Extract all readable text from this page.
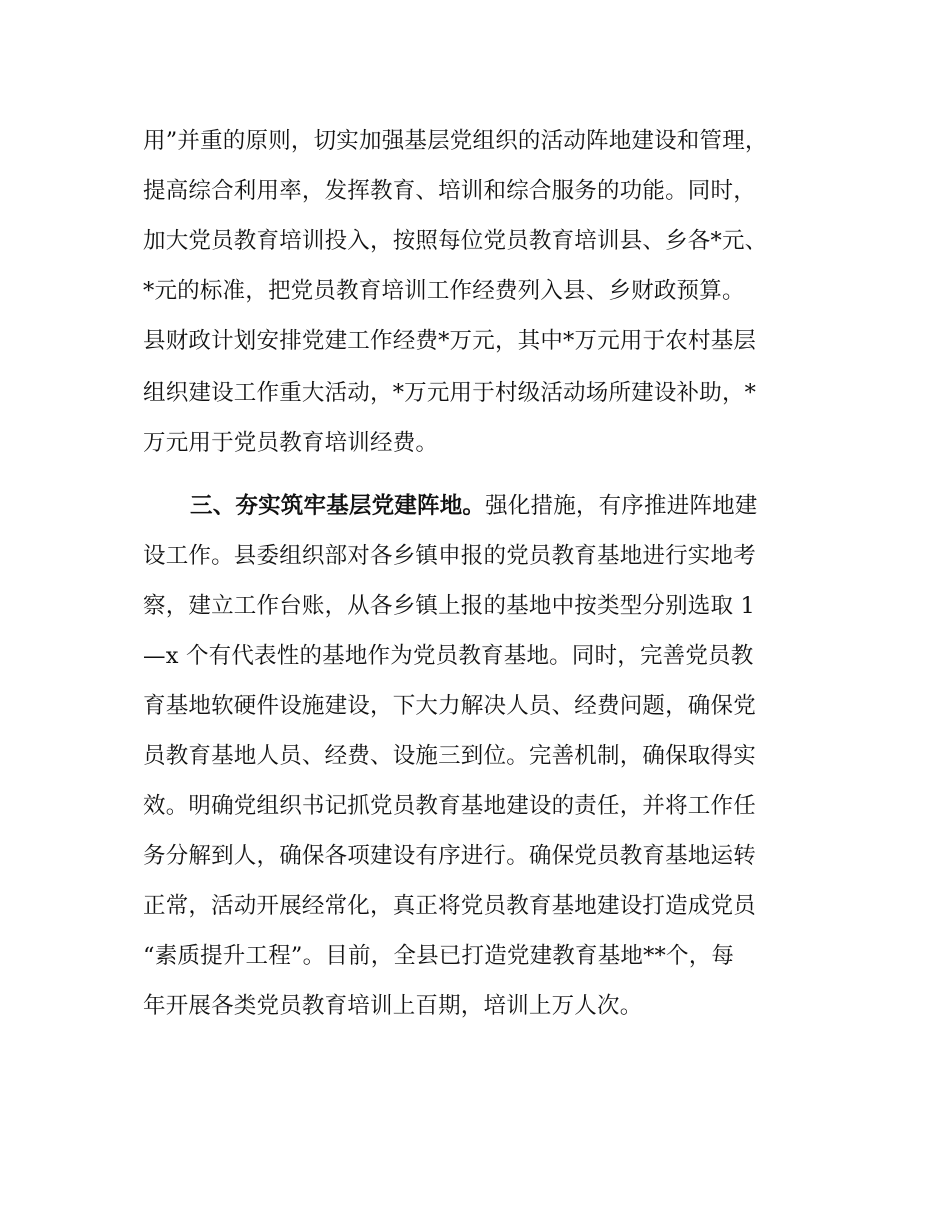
用”并重的原则，切实加强基层党组织的活动阵地建设和管理，
提高综合利用率，发挥教育、培训和综合服务的功能。同时，
加大党员教育培训投入，按照每位党员教育培训县、乡各*元、
*元的标准，把党员教育培训工作经费列入县、乡财政预算。
县财政计划安排党建工作经费*万元，其中*万元用于农村基层
组织建设工作重大活动，*万元用于村级活动场所建设补助，*
万元用于党员教育培训经费。
三、夯实筑牢基层党建阵地。强化措施，有序推进阵地建
设工作。县委组织部对各乡镇申报的党员教育基地进行实地考
察，建立工作台账，从各乡镇上报的基地中按类型分别选取 1
—x 个有代表性的基地作为党员教育基地。同时，完善党员教
育基地软硬件设施建设，下大力解决人员、经费问题，确保党
员教育基地人员、经费、设施三到位。完善机制，确保取得实
效。明确党组织书记抓党员教育基地建设的责任，并将工作任
务分解到人，确保各项建设有序进行。确保党员教育基地运转
正常，活动开展经常化，真正将党员教育基地建设打造成党员
“素质提升工程”。目前，全县已打造党建教育基地**个，每
年开展各类党员教育培训上百期，培训上万人次。
